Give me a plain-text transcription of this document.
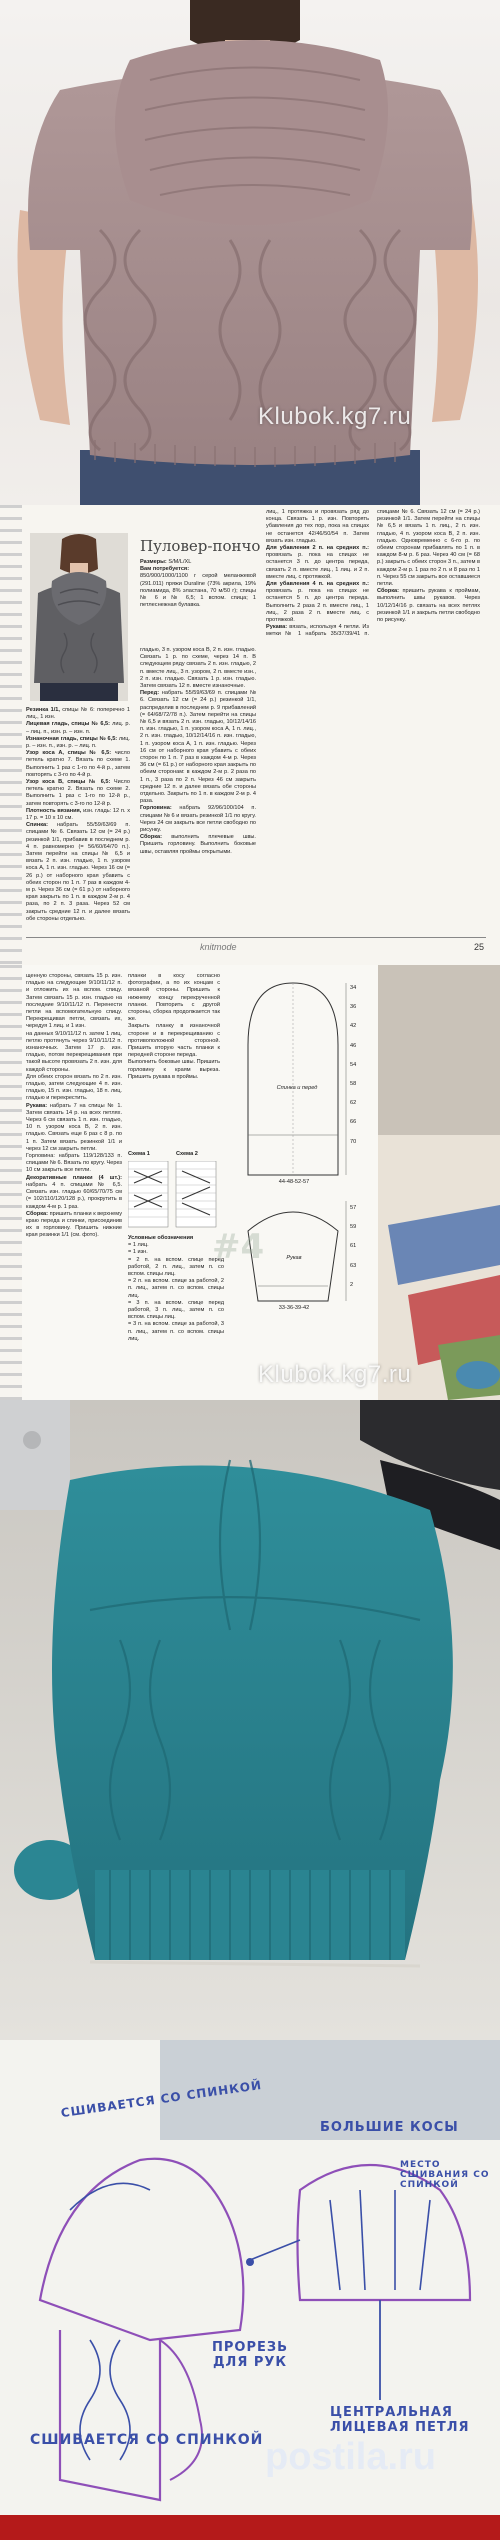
Klubok.kg7.ru
Пуловер-пончо
Размеры: S/M/L/XL
Вам потребуется:
850/900/1000/1100 г серой меланжевой (291.011) пряжи Duraline (73% акрила, 19% полиамида, 8% эластана, 70 м/50 г); спицы № 6 и № 6,5; 1 вспом. спица; 1 петлеснежная булавка.
Резинка 1/1, спицы № 6: поперечно 1 лиц., 1 изн.
Лицевая гладь, спицы № 6,5: лиц. р. – лиц. п., изн. р. – изн. п.
Изнаночная гладь, спицы № 6,5: лиц. р. – изн. п., изн. р. – лиц. п.
Узор коса А, спицы № 6,5: число петель кратно 7. Вязать по схеме 1. Выполнить 1 раз с 1-го по 4-й р., затем повторять с 3-го по 4-й р.
Узор коса В, спицы № 6,5: Число петель кратно 2. Вязать по схеме 2. Выполнить 1 раз с 1-го по 12-й р., затем повторять с 3-го по 12-й р.
Плотность вязания, изн. гладь: 12 п. х 17 р. = 10 х 10 см.
Спинка: набрать 55/59/63/69 п. спицами № 6. Связать 12 см (= 24 р.) резинкой 1/1, прибавив в последнем р. 4 п. равномерно (= 56/60/64/70 п.). Затем перейти на спицы № 6,5 и вязать 2 п. изн. гладью, 1 п. узором коса А, 1 п. изн. гладью. Через 16 см (= 26 р.) от наборного края убавить с обеих сторон по 1 п. 7 раз в каждом 4-м р. Через 36 см (= 61 р.) от наборного края закрыть по 1 п. в каждом 2-м р. 4 раза, по 2 п. 3 раза. Через 52 см закрыть средние 12 п. и далее вязать обе стороны отдельно.
гладью, 3 п. узором коса В, 2 п. изн. гладью. Связать 1 р. по схеме, через 14 п. В следующем ряду связать 2 п. изн. гладью, 2 п. вместе лиц., 3 п. узором, 2 п. вместе изн., 2 п. изн. гладью. Связать 1 р. изн. гладью. Затем связать 12 п. вместе изнаночные.
Перед: набрать 55/59/63/69 п. спицами № 6. Связать 12 см (= 24 р.) резинкой 1/1, распределив в последнем р. 9 прибавлений (= 64/68/72/78 п.). Затем перейти на спицы № 6,5 и вязать 2 п. изн. гладью, 10/12/14/16 п. изн. гладью, 1 п. узором коса А, 1 п. лиц., 2 п. изн. гладью, 10/12/14/16 п. изн. гладью, 1 п. узором коса А, 1 п. изн. гладью. Через 16 см от наборного края убавить с обеих сторон по 1 п. 7 раз в каждом 4-м р. Через 36 см (= 61 р.) от наборного края закрыть по обеим сторонам: в каждом 2-м р. 2 раза по 1 п., 3 раза по 2 п. Через 46 см закрыть средние 12 п. и далее вязать обе стороны отдельно. Закрыть по 1 п. в каждом 2-м р. 4 раза.
Горловина: набрать 92/96/100/104 п. спицами № 6 и вязать резинкой 1/1 по кругу. Через 24 см закрыть все петли свободно по рисунку.
Сборка: выполнить плечевые швы. Пришить горловину. Выполнить боковые швы, оставляя проймы открытыми.
лиц., 1 протяжка и провязать ряд до конца. Связать 1 р. изн. Повторять убавления до тех пор, пока на спицах не останется 42/46/50/54 п. Затем вязать изн. гладью.
Для убавления 2 п. на средних п.: провязать р. пока на спицах не останется 3 п. до центра переда, связать 2 п. вместе лиц., 1 лиц. и 2 п. вместе лиц. с протяжкой.
Для убавления 4 п. на средних п.: провязать р. пока на спицах не останется 5 п. до центра переда. Выполнить 2 раза 2 п. вместе лиц., 1 лиц., 2 раза 2 п. вместе лиц. с протяжкой.
Рукава: вязать, используя 4 петли. Из метки № 1 набрать 35/37/39/41 п. спицами № 6. Связать 12 см (= 24 р.) резинкой 1/1. Затем перейти на спицы № 6,5 и вязать 1 п. лиц., 2 п. изн. гладью, 4 п. узором коса В, 2 п. изн. гладью. Одновременно с 6-го р. по обеим сторонам прибавлять по 1 п. в каждом 8-м р. 6 раз. Через 40 см (= 68 р.) закрыть с обеих сторон 3 п., затем в каждом 2-м р. 1 раз по 2 п. и 8 раз по 1 п. Через 55 см закрыть все оставшиеся петли.
Сборка: пришить рукава к проймам, выполнить швы рукавов. Через 10/12/14/16 р. связать на всех петлях резинкой 1/1 и закрыть петли свободно по рисунку.
knitmode	25
щенную стороны, связать 15 р. изн. гладью на следующие 9/10/11/12 п. и отложить их на вспом. спицу. Затем связать 15 р. изн. гладью на последние 9/10/11/12 п. Перенести петли на вспомогательную спицу. Перекрещивая петли, связать их, чередуя 1 лиц. и 1 изн.
на данных 9/10/11/12 п. затем 1 лиц. петлю протянуть через 9/10/11/12 п. изнаночных. Затем 17 р. изн. гладью, потом перекрещивания при такой высоте провязать 2 п. изн. для каждой стороны.
Для обеих сторон вязать по 2 п. изн. гладью, затем следующие 4 п. изн. гладью, 15 п. изн. гладью, 18 п. лиц. гладью и перекрестить.
Рукава: набрать 7 на спицы № 1. Затем связать 14 р. на всех петлях. Через 6 см связать 1 п. изн. гладью, 10 п. узором коса В, 2 п. изн. гладью. Связать еще 6 раз с 8 р. по 1 п. Затем вязать резинкой 1/1 и через 12 см закрыть петли.
Горловина: набрать 119/128/133 п. спицами № 6. Вязать по кругу. Через 10 см закрыть все петли.
Декоративные планки (4 шт.): набрать 4 п. спицами № 6,5. Связать изн. гладью 60/65/70/75 см (= 102/110/120/128 р.), прокрутить в каждом 4-м р. 1 раз.
Сборка: пришить планки к верхнему краю переда и спинки, присоединив их в горловину. Пришить нижние края резинки 1/1 (см. фото).
планки в косу согласно фотографии, а по их концам с вязаной стороны. Пришить к нижнему концу перекрученной планки. Повторить с другой стороны, сборка продолжается так же.
Закрыть планку в изнаночной стороне и в перекрещиванию с противоположной стороной. Пришить вторую часть планки к передней стороне переда.
Выполнить боковые швы. Пришить горловину к краям выреза. Пришить рукава в проймы.
Схема 1	Схема 2
Условные обозначения
= 1 лиц.
= 1 изн.
= 2 п. на вспом. спице перед работой, 2 п. лиц., затем п. со вспом. спицы лиц.
= 2 п. на вспом. спице за работой, 2 п. лиц., затем п. со вспом. спицы лиц.
= 3 п. на вспом. спице перед работой, 3 п. лиц., затем п. со вспом. спицы лиц.
= 3 п. на вспом. спице за работой, 3 п. лиц., затем п. со вспом. спицы лиц.
Спинка и перед
44-48-52-57
34
36
42
46
54
58
62
66
70
Рукав
33-36-39-42
57
59
61
63
2
#4
Klubok.kg7.ru
СШИВАЕТСЯ СО СПИНКОЙ
СШИВАЕТСЯ СО СПИНКОЙ
ПРОРЕЗЬ ДЛЯ РУК
БОЛЬШИЕ КОСЫ
МЕСТО СШИВАНИЯ СО СПИНКОЙ
ЦЕНТРАЛЬНАЯ ЛИЦЕВАЯ ПЕТЛЯ
postila.ru
